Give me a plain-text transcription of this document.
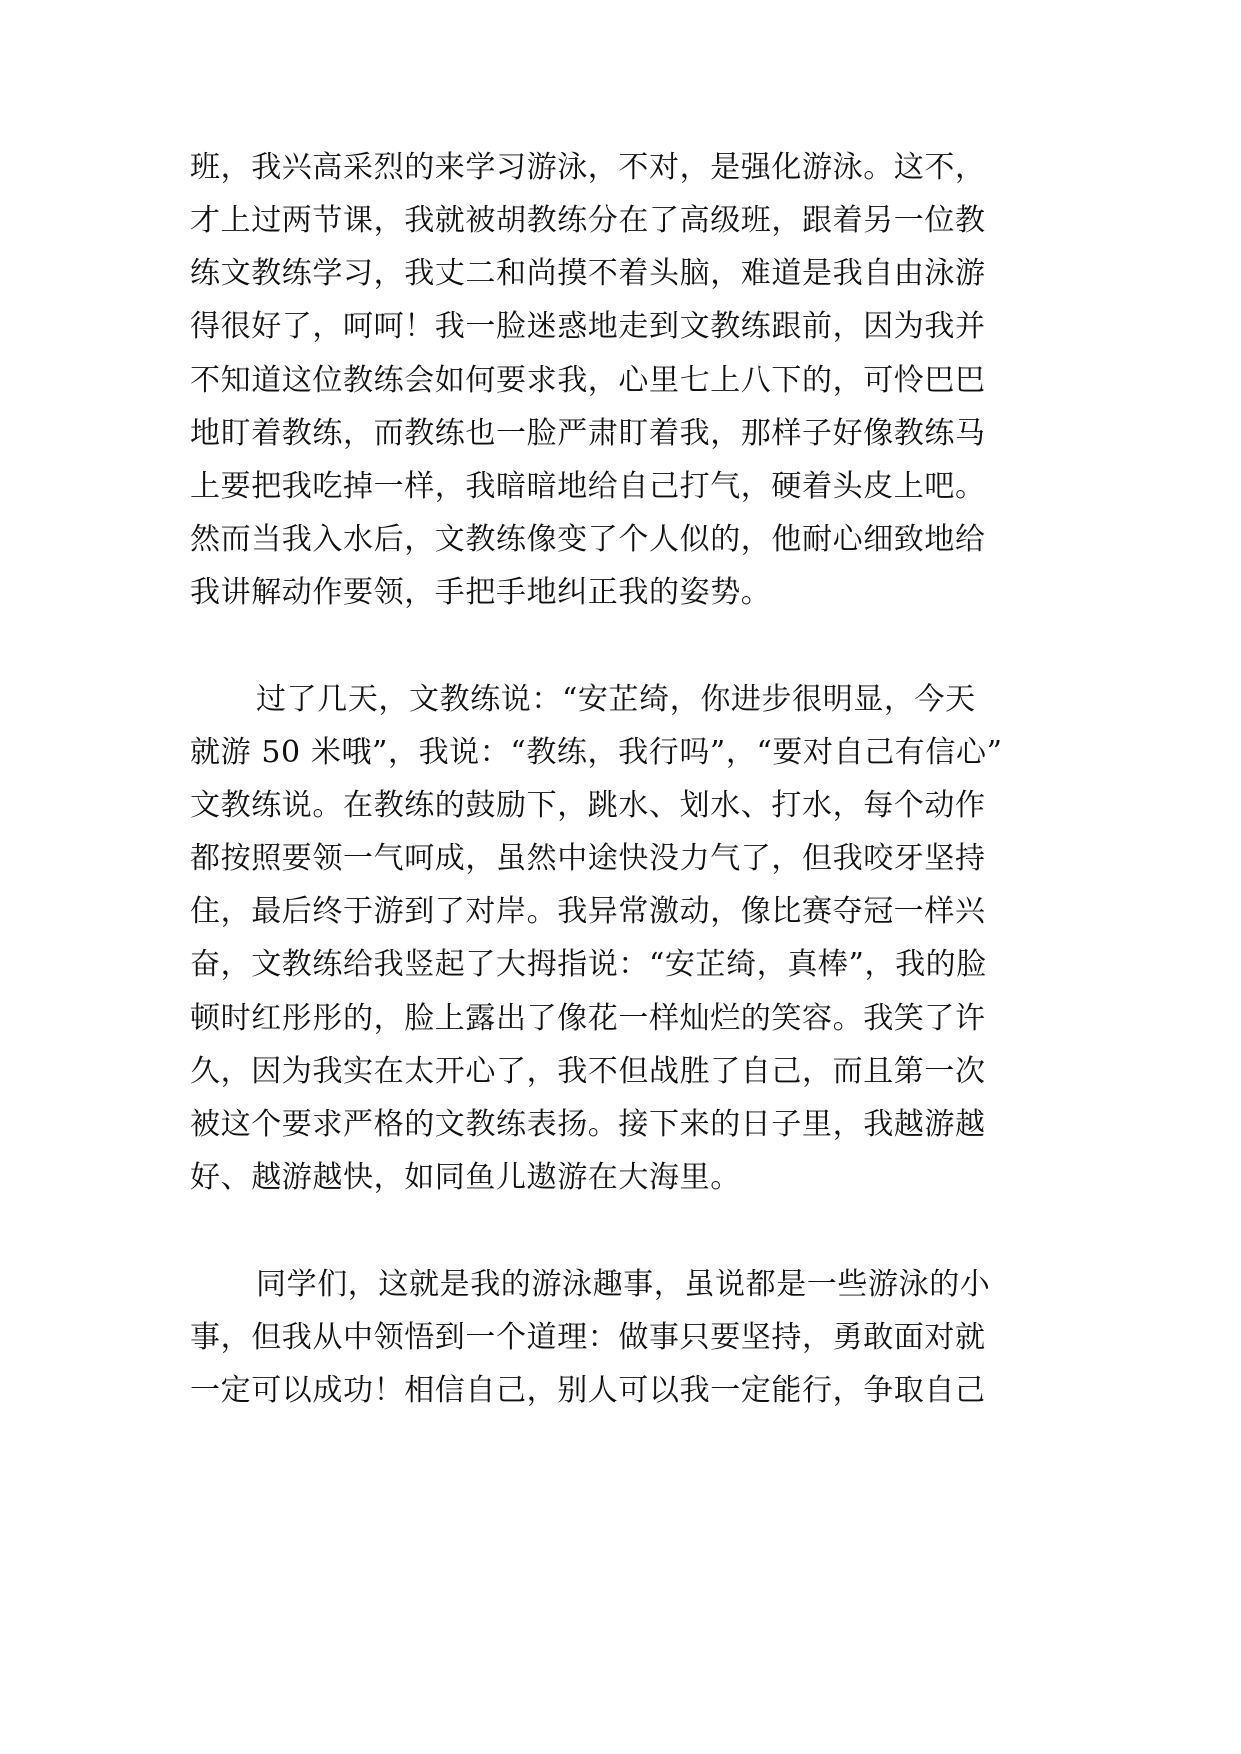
班，我兴高采烈的来学习游泳，不对，是强化游泳。这不，
才上过两节课，我就被胡教练分在了高级班，跟着另一位教
练文教练学习，我丈二和尚摸不着头脑，难道是我自由泳游
得很好了，呵呵！我一脸迷惑地走到文教练跟前，因为我并
不知道这位教练会如何要求我，心里七上八下的，可怜巴巴
地盯着教练，而教练也一脸严肃盯着我，那样子好像教练马
上要把我吃掉一样，我暗暗地给自己打气，硬着头皮上吧。
然而当我入水后，文教练像变了个人似的，他耐心细致地给
我讲解动作要领，手把手地纠正我的姿势。
过了几天，文教练说：“安芷绮，你进步很明显，今天
就游 50 米哦”，我说：“教练，我行吗”，“要对自己有信心”
文教练说。在教练的鼓励下，跳水、划水、打水，每个动作
都按照要领一气呵成，虽然中途快没力气了，但我咬牙坚持
住，最后终于游到了对岸。我异常激动，像比赛夺冠一样兴
奋，文教练给我竖起了大拇指说：“安芷绮，真棒”，我的脸
顿时红彤彤的，脸上露出了像花一样灿烂的笑容。我笑了许
久，因为我实在太开心了，我不但战胜了自己，而且第一次
被这个要求严格的文教练表扬。接下来的日子里，我越游越
好、越游越快，如同鱼儿遨游在大海里。
同学们，这就是我的游泳趣事，虽说都是一些游泳的小
事，但我从中领悟到一个道理：做事只要坚持，勇敢面对就
一定可以成功！相信自己，别人可以我一定能行，争取自己
